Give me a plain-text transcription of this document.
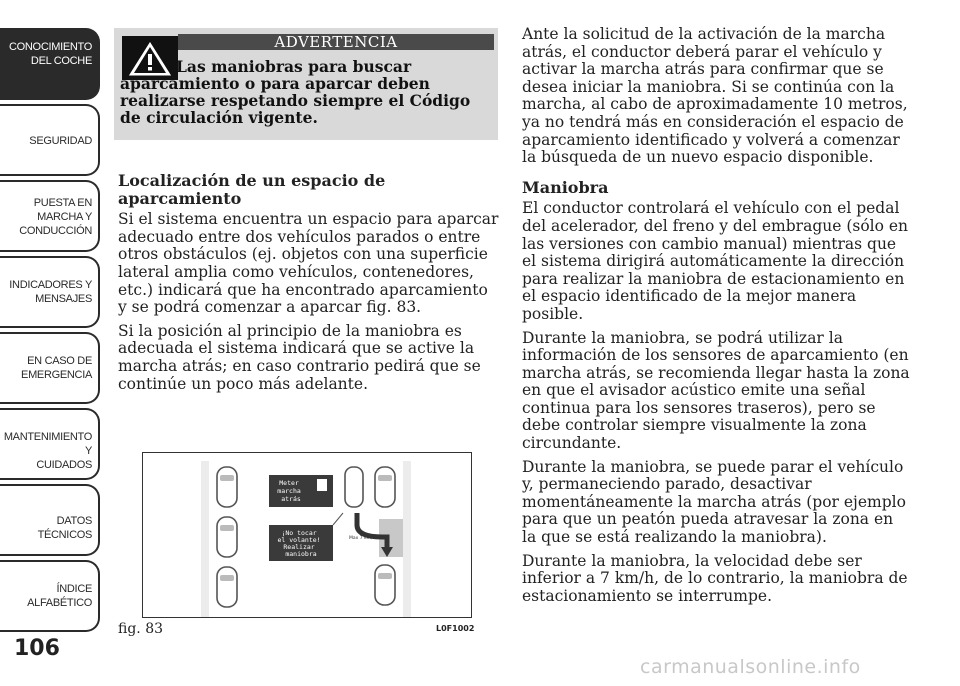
CONOCIMIENTO
DEL COCHE
SEGURIDAD
PUESTA EN
MARCHA Y
CONDUCCIÓN
INDICADORES Y
MENSAJES
EN CASO DE
EMERGENCIA
MANTENIMIENTO Y
CUIDADOS
DATOS TÉCNICOS
ÍNDICE
ALFABÉTICO
106
ADVERTENCIA
Las maniobras para buscar aparcamiento o para aparcar deben realizarse respetando siempre el Código de circulación vigente.
Localización de un espacio de aparcamiento

Si el sistema encuentra un espacio para aparcar adecuado entre dos vehículos parados o entre otros obstáculos (ej. objetos con una superficie lateral amplia como vehículos, contenedores, etc.) indicará que ha encontrado aparcamiento y se podrá comenzar a aparcar fig. 83.

Si la posición al principio de la maniobra es adecuada el sistema indicará que se active la marcha atrás; en caso contrario pedirá que se continúe un poco más adelante.

Max 7 km/h
Meter marcha atrás
¡No tocar el volante! Realizar maniobra
fig. 83	L0F1002

Ante la solicitud de la activación de la marcha atrás, el conductor deberá parar el vehículo y activar la marcha atrás para confirmar que se desea iniciar la maniobra. Si se continúa con la marcha, al cabo de aproximadamente 10 metros, ya no tendrá más en consideración el espacio de aparcamiento identificado y volverá a comenzar la búsqueda de un nuevo espacio disponible.

Maniobra

El conductor controlará el vehículo con el pedal del acelerador, del freno y del embrague (sólo en las versiones con cambio manual) mientras que el sistema dirigirá automáticamente la dirección para realizar la maniobra de estacionamiento en el espacio identificado de la mejor manera posible.

Durante la maniobra, se podrá utilizar la información de los sensores de aparcamiento (en marcha atrás, se recomienda llegar hasta la zona en que el avisador acústico emite una señal continua para los sensores traseros), pero se debe controlar siempre visualmente la zona circundante.

Durante la maniobra, se puede parar el vehículo y, permaneciendo parado, desactivar momentáneamente la marcha atrás (por ejemplo para que un peatón pueda atravesar la zona en la que se está realizando la maniobra).

Durante la maniobra, la velocidad debe ser inferior a 7 km/h, de lo contrario, la maniobra de estacionamiento se interrumpe.

carmanualsonline.info
